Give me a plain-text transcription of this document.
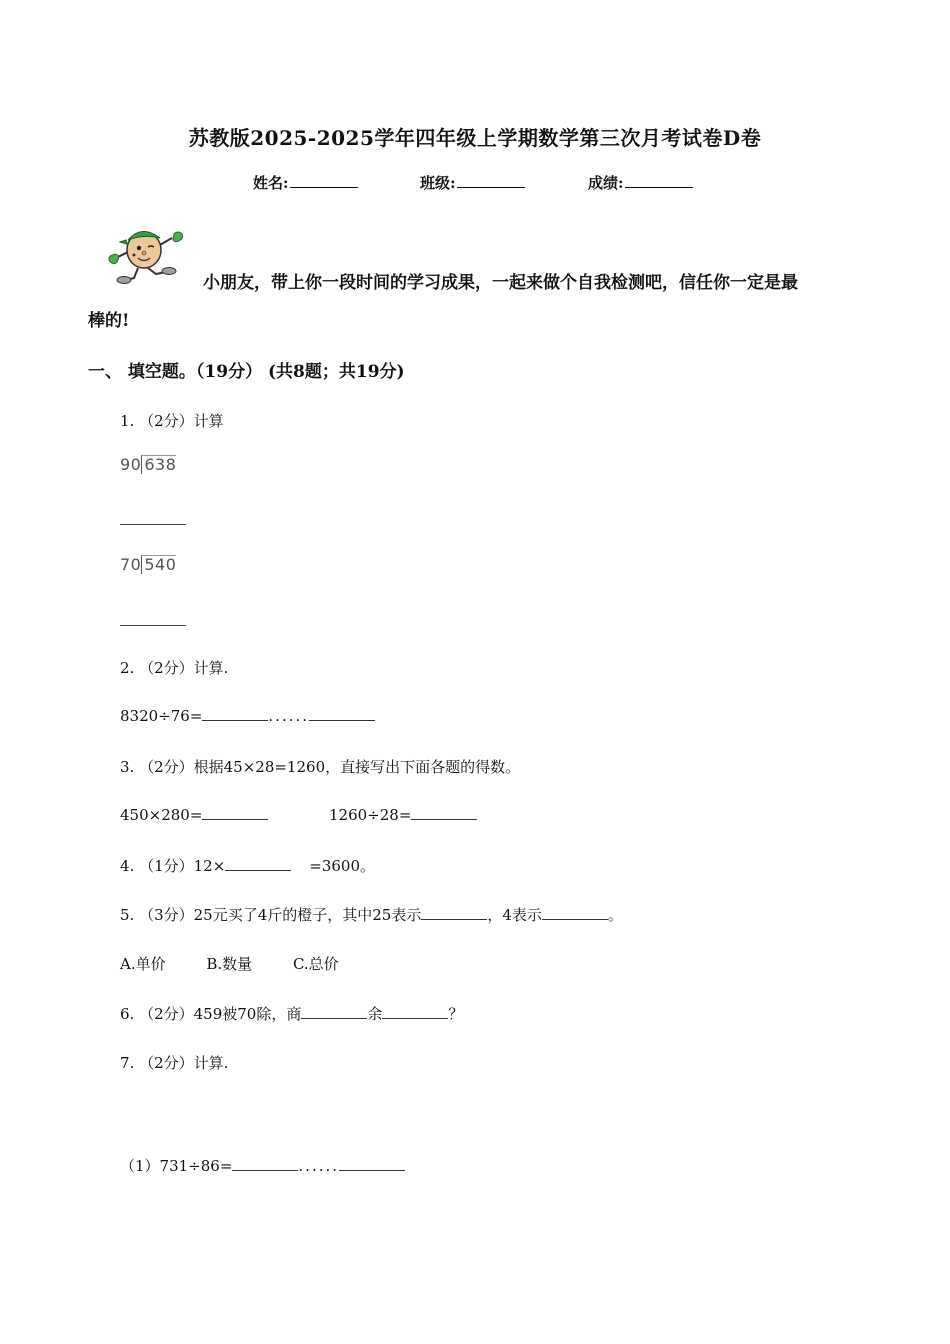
苏教版2025-2025学年四年级上学期数学第三次月考试卷D卷
姓名:	班级:	成绩:
小朋友，带上你一段时间的学习成果，一起来做个自我检测吧，信任你一定是最
棒的!
一、 填空题。（19分） (共8题；共19分)
1. （2分）计算
90 638
70 540
2. （2分）计算.
8320÷76=	......
3. （2分）根据45×28=1260，直接写出下面各题的得数。
450×280=	1260÷28=
4. （1分）12×	=3600。
5. （3分）25元买了4斤的橙子，其中25表示	，4表示	。
A.单价	B.数量	C.总价
6. （2分）459被70除，商	余	？
7. （2分）计算.
（1）731÷86=	......
